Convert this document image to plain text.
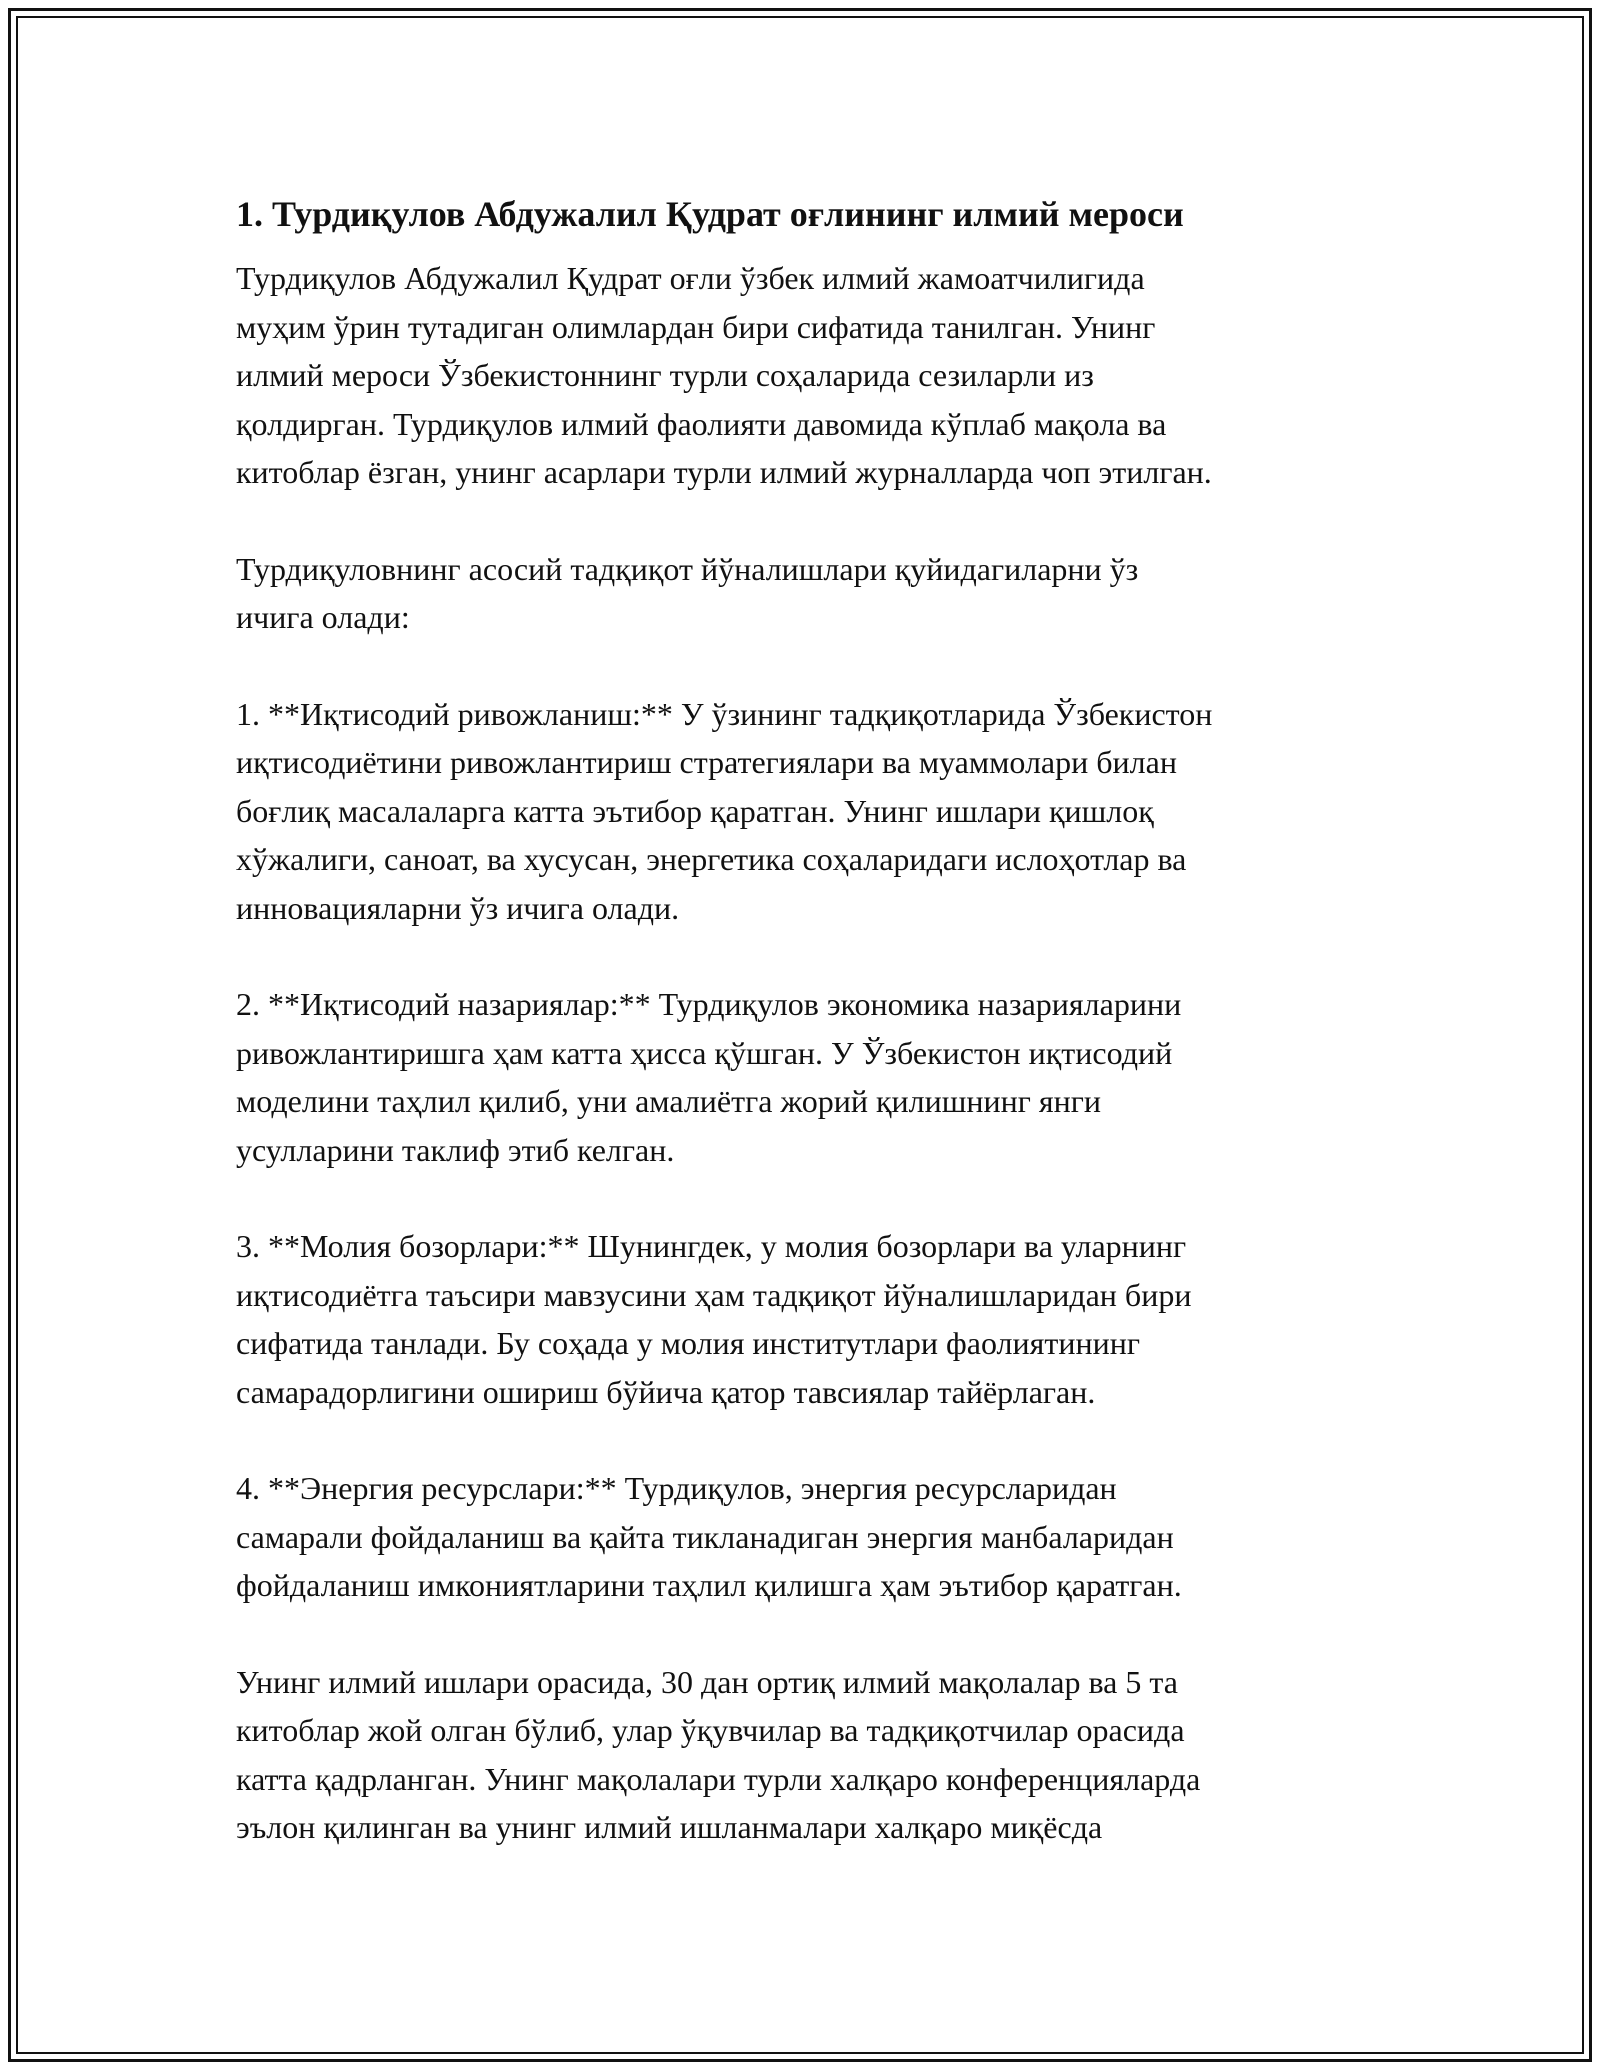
1. Турдиқулов Абдужалил Қудрат оғлининг илмий мероси

Турдиқулов Абдужалил Қудрат оғли ўзбек илмий жамоатчилигида
муҳим ўрин тутадиган олимлардан бири сифатида танилган. Унинг
илмий мероси Ўзбекистоннинг турли соҳаларида сезиларли из
қолдирган. Турдиқулов илмий фаолияти давомида кўплаб мақола ва
китоблар ёзган, унинг асарлари турли илмий журналларда чоп этилган.

Турдиқуловнинг асосий тадқиқот йўналишлари қуйидагиларни ўз
ичига олади:

1. **Иқтисодий ривожланиш:** У ўзининг тадқиқотларида Ўзбекистон
иқтисодиётини ривожлантириш стратегиялари ва муаммолари билан
боғлиқ масалаларга катта эътибор қаратган. Унинг ишлари қишлоқ
хўжалиги, саноат, ва хусусан, энергетика соҳаларидаги ислоҳотлар ва
инновацияларни ўз ичига олади.

2. **Иқтисодий назариялар:** Турдиқулов экономика назарияларини
ривожлантиришга ҳам катта ҳисса қўшган. У Ўзбекистон иқтисодий
моделини таҳлил қилиб, уни амалиётга жорий қилишнинг янги
усулларини таклиф этиб келган.

3. **Молия бозорлари:** Шунингдек, у молия бозорлари ва уларнинг
иқтисодиётга таъсири мавзусини ҳам тадқиқот йўналишларидан бири
сифатида танлади. Бу соҳада у молия институтлари фаолиятининг
самарадорлигини ошириш бўйича қатор тавсиялар тайёрлаган.

4. **Энергия ресурслари:** Турдиқулов, энергия ресурсларидан
самарали фойдаланиш ва қайта тикланадиган энергия манбаларидан
фойдаланиш имкониятларини таҳлил қилишга ҳам эътибор қаратган.

Унинг илмий ишлари орасида, 30 дан ортиқ илмий мақолалар ва 5 та
китоблар жой олган бўлиб, улар ўқувчилар ва тадқиқотчилар орасида
катта қадрланган. Унинг мақолалари турли халқаро конференцияларда
эълон қилинган ва унинг илмий ишланмалари халқаро миқёсда
